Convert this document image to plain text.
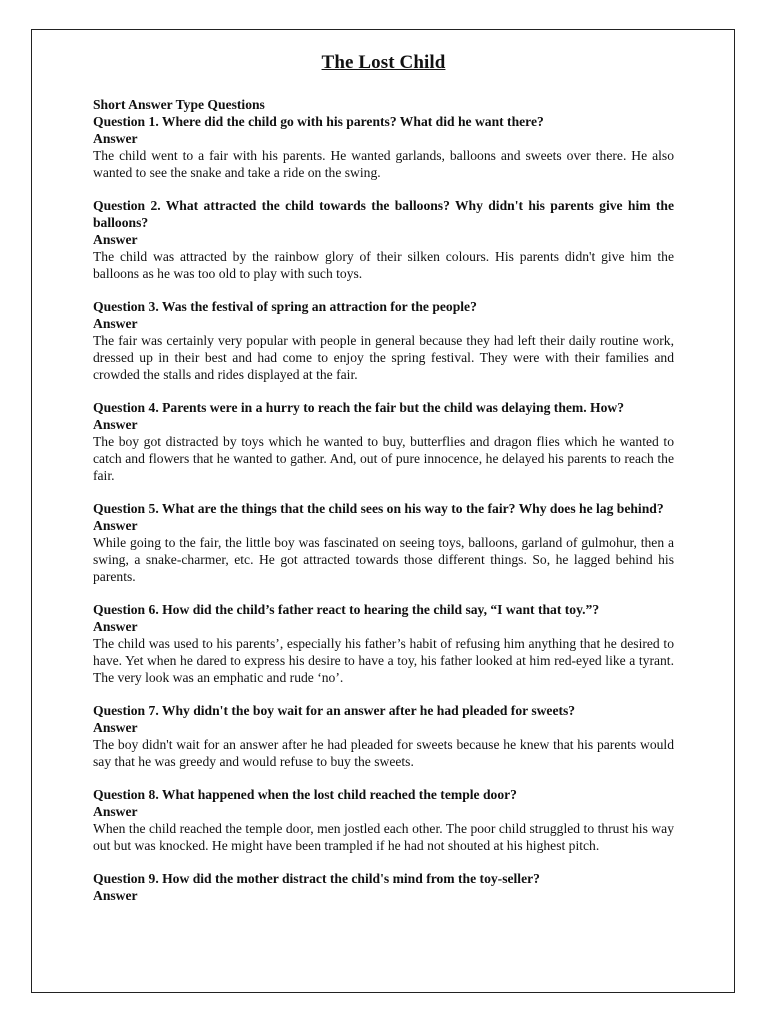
The Lost Child

Short Answer Type Questions

Question 1. Where did the child go with his parents? What did he want there?

Answer

The child went to a fair with his parents. He wanted garlands, balloons and sweets over there. He also wanted to see the snake and take a ride on the swing.

Question 2. What attracted the child towards the balloons? Why didn't his parents give him the balloons?

Answer

The child was attracted by the rainbow glory of their silken colours. His parents didn't give him the balloons as he was too old to play with such toys.

Question 3. Was the festival of spring an attraction for the people?

Answer

The fair was certainly very popular with people in general because they had left their daily routine work, dressed up in their best and had come to enjoy the spring festival. They were with their families and crowded the stalls and rides displayed at the fair.

Question 4. Parents were in a hurry to reach the fair but the child was delaying them. How?

Answer

The boy got distracted by toys which he wanted to buy, butterflies and dragon flies which he wanted to catch and flowers that he wanted to gather. And, out of pure innocence, he delayed his parents to reach the fair.

Question 5. What are the things that the child sees on his way to the fair? Why does he lag behind?

Answer

While going to the fair, the little boy was fascinated on seeing toys, balloons, garland of gulmohur, then a swing, a snake-charmer, etc. He got attracted towards those different things. So, he lagged behind his parents.

Question 6. How did the child’s father react to hearing the child say, “I want that toy.”?

Answer

The child was used to his parents’, especially his father’s habit of refusing him anything that he desired to have. Yet when he dared to express his desire to have a toy, his father looked at him red-eyed like a tyrant. The very look was an emphatic and rude ‘no’.

Question 7. Why didn't the boy wait for an answer after he had pleaded for sweets?

Answer

The boy didn't wait for an answer after he had pleaded for sweets because he knew that his parents would say that he was greedy and would refuse to buy the sweets.

Question 8. What happened when the lost child reached the temple door?

Answer

When the child reached the temple door, men jostled each other. The poor child struggled to thrust his way out but was knocked. He might have been trampled if he had not shouted at his highest pitch.

Question 9. How did the mother distract the child's mind from the toy-seller?

Answer
